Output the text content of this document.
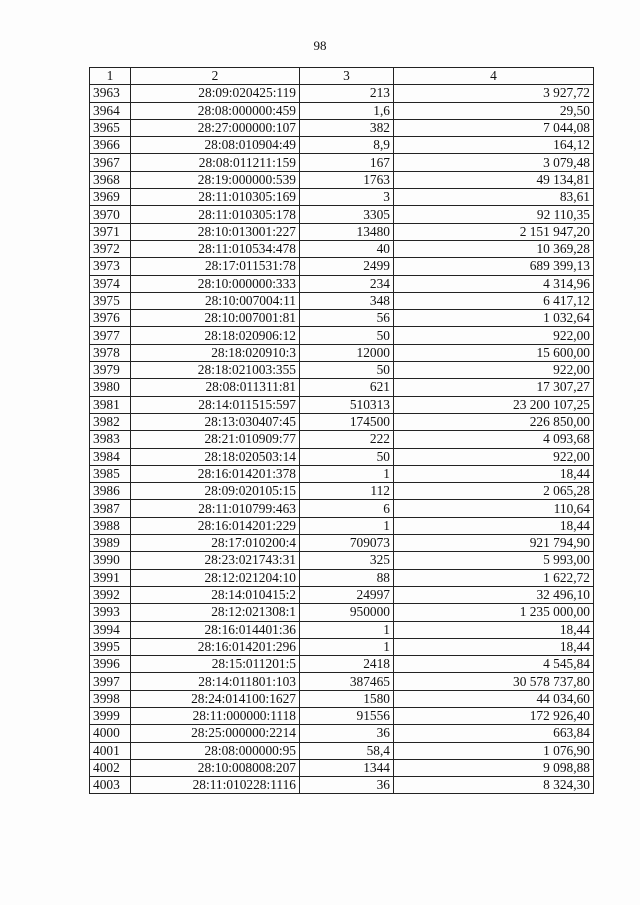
98
1	2	3	4
3963	28:09:020425:119	213	3 927,72
3964	28:08:000000:459	1,6	29,50
3965	28:27:000000:107	382	7 044,08
3966	28:08:010904:49	8,9	164,12
3967	28:08:011211:159	167	3 079,48
3968	28:19:000000:539	1763	49 134,81
3969	28:11:010305:169	3	83,61
3970	28:11:010305:178	3305	92 110,35
3971	28:10:013001:227	13480	2 151 947,20
3972	28:11:010534:478	40	10 369,28
3973	28:17:011531:78	2499	689 399,13
3974	28:10:000000:333	234	4 314,96
3975	28:10:007004:11	348	6 417,12
3976	28:10:007001:81	56	1 032,64
3977	28:18:020906:12	50	922,00
3978	28:18:020910:3	12000	15 600,00
3979	28:18:021003:355	50	922,00
3980	28:08:011311:81	621	17 307,27
3981	28:14:011515:597	510313	23 200 107,25
3982	28:13:030407:45	174500	226 850,00
3983	28:21:010909:77	222	4 093,68
3984	28:18:020503:14	50	922,00
3985	28:16:014201:378	1	18,44
3986	28:09:020105:15	112	2 065,28
3987	28:11:010799:463	6	110,64
3988	28:16:014201:229	1	18,44
3989	28:17:010200:4	709073	921 794,90
3990	28:23:021743:31	325	5 993,00
3991	28:12:021204:10	88	1 622,72
3992	28:14:010415:2	24997	32 496,10
3993	28:12:021308:1	950000	1 235 000,00
3994	28:16:014401:36	1	18,44
3995	28:16:014201:296	1	18,44
3996	28:15:011201:5	2418	4 545,84
3997	28:14:011801:103	387465	30 578 737,80
3998	28:24:014100:1627	1580	44 034,60
3999	28:11:000000:1118	91556	172 926,40
4000	28:25:000000:2214	36	663,84
4001	28:08:000000:95	58,4	1 076,90
4002	28:10:008008:207	1344	9 098,88
4003	28:11:010228:1116	36	8 324,30
